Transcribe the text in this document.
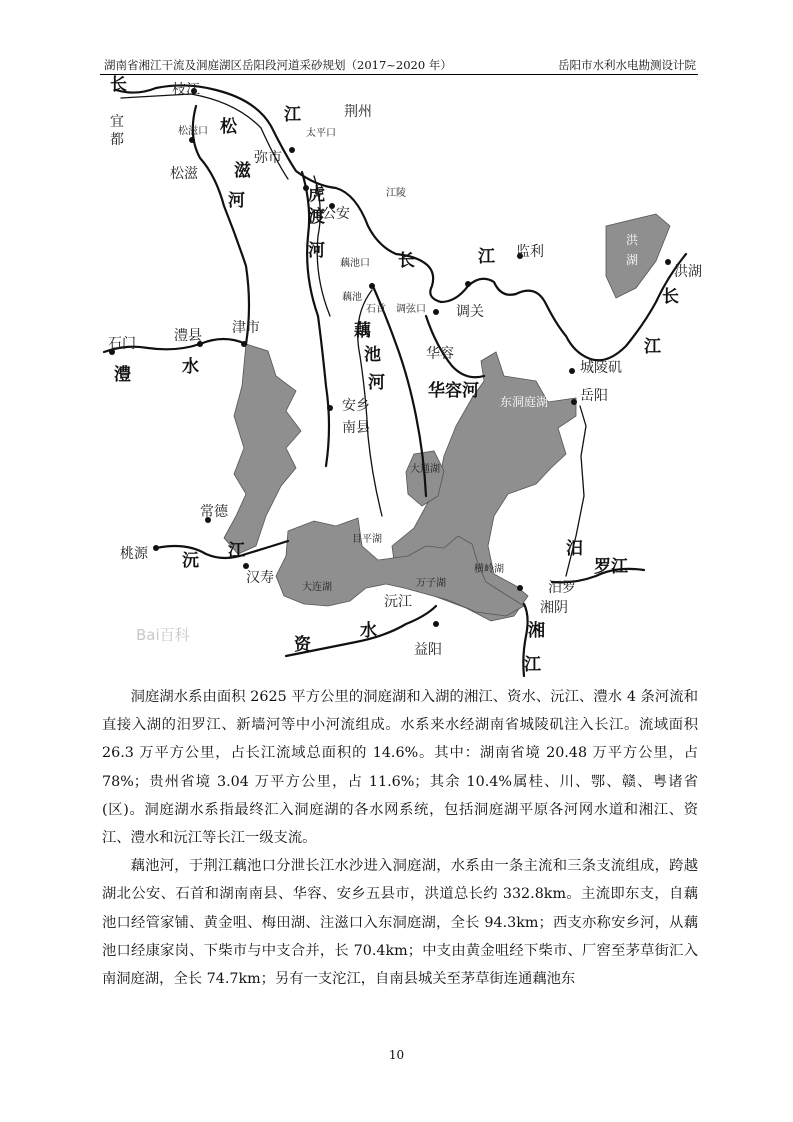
湖南省湘江干流及洞庭湖区岳阳段河道采砂规划（2017~2020 年）	岳阳市水利水电勘测设计院
长	枝江
荆州
宜
都
松滋口 松
江
弥市
太平口
松滋 滋
河	虎
渡
河
公安
江陵
藕池口	江
长	监利
洪
湖
洪湖
长
石门	澧县 津市
藕池
石首 调弦口 调关
藕
池
河
华容
华容河
江
城陵矶
岳阳
澧	水
安乡
南县
东洞庭湖
大通湖
常德
桃源 沅 江
汉寿
目平湖
万子湖
横岭湖
汨
罗江
汨罗
湘阴
大连湖
沅江
湘
江
资
水
益阳
Bai百科

洞庭湖水系由面积 2625 平方公里的洞庭湖和入湖的湘江、资水、沅江、澧水 4 条河流和直接入湖的汨罗江、新墙河等中小河流组成。水系来水经湖南省城陵矶注入长江。流域面积 26.3 万平方公里，占长江流域总面积的 14.6%。其中：湖南省境 20.48 万平方公里，占 78%；贵州省境 3.04 万平方公里，占 11.6%；其余 10.4%属桂、川、鄂、赣、粤诸省(区)。洞庭湖水系指最终汇入洞庭湖的各水网系统，包括洞庭湖平原各河网水道和湘江、资江、澧水和沅江等长江一级支流。

藕池河，于荆江藕池口分泄长江水沙进入洞庭湖，水系由一条主流和三条支流组成，跨越湖北公安、石首和湖南南县、华容、安乡五县市，洪道总长约 332.8km。主流即东支，自藕池口经管家铺、黄金咀、梅田湖、注滋口入东洞庭湖，全长 94.3km；西支亦称安乡河，从藕池口经康家岗、下柴市与中支合并，长 70.4km；中支由黄金咀经下柴市、厂窖至茅草街汇入南洞庭湖，全长 74.7km；另有一支沱江，自南县城关至茅草街连通藕池东

10
